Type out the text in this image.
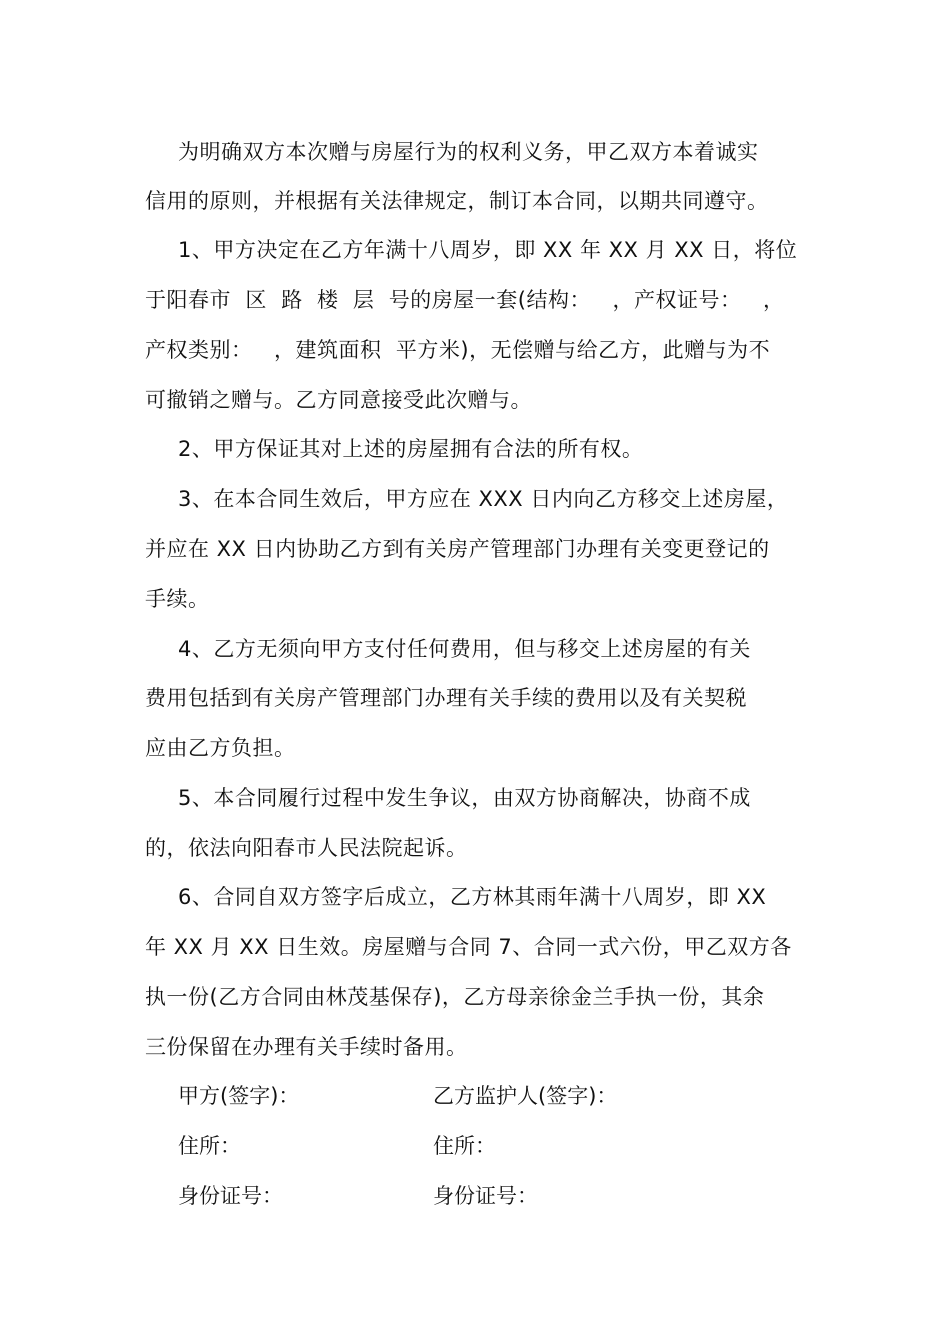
为明确双方本次赠与房屋行为的权利义务，甲乙双方本着诚实
信用的原则，并根据有关法律规定，制订本合同，以期共同遵守。
1、甲方决定在乙方年满十八周岁，即 XX 年 XX 月 XX 日，将位
于阳春市  区  路  楼  层  号的房屋一套(结构：   ，产权证号：   ，
产权类别：   ，建筑面积  平方米)，无偿赠与给乙方，此赠与为不
可撤销之赠与。乙方同意接受此次赠与。
2、甲方保证其对上述的房屋拥有合法的所有权。
3、在本合同生效后，甲方应在 XXX 日内向乙方移交上述房屋，
并应在 XX 日内协助乙方到有关房产管理部门办理有关变更登记的
手续。
4、乙方无须向甲方支付任何费用，但与移交上述房屋的有关
费用包括到有关房产管理部门办理有关手续的费用以及有关契税
应由乙方负担。
5、本合同履行过程中发生争议，由双方协商解决，协商不成
的，依法向阳春市人民法院起诉。
6、合同自双方签字后成立，乙方林其雨年满十八周岁，即 XX
年 XX 月 XX 日生效。房屋赠与合同 7、合同一式六份，甲乙双方各
执一份(乙方合同由林茂基保存)，乙方母亲徐金兰手执一份，其余
三份保留在办理有关手续时备用。
甲方(签字)：	乙方监护人(签字)：
住所：	住所：
身份证号：	身份证号：
